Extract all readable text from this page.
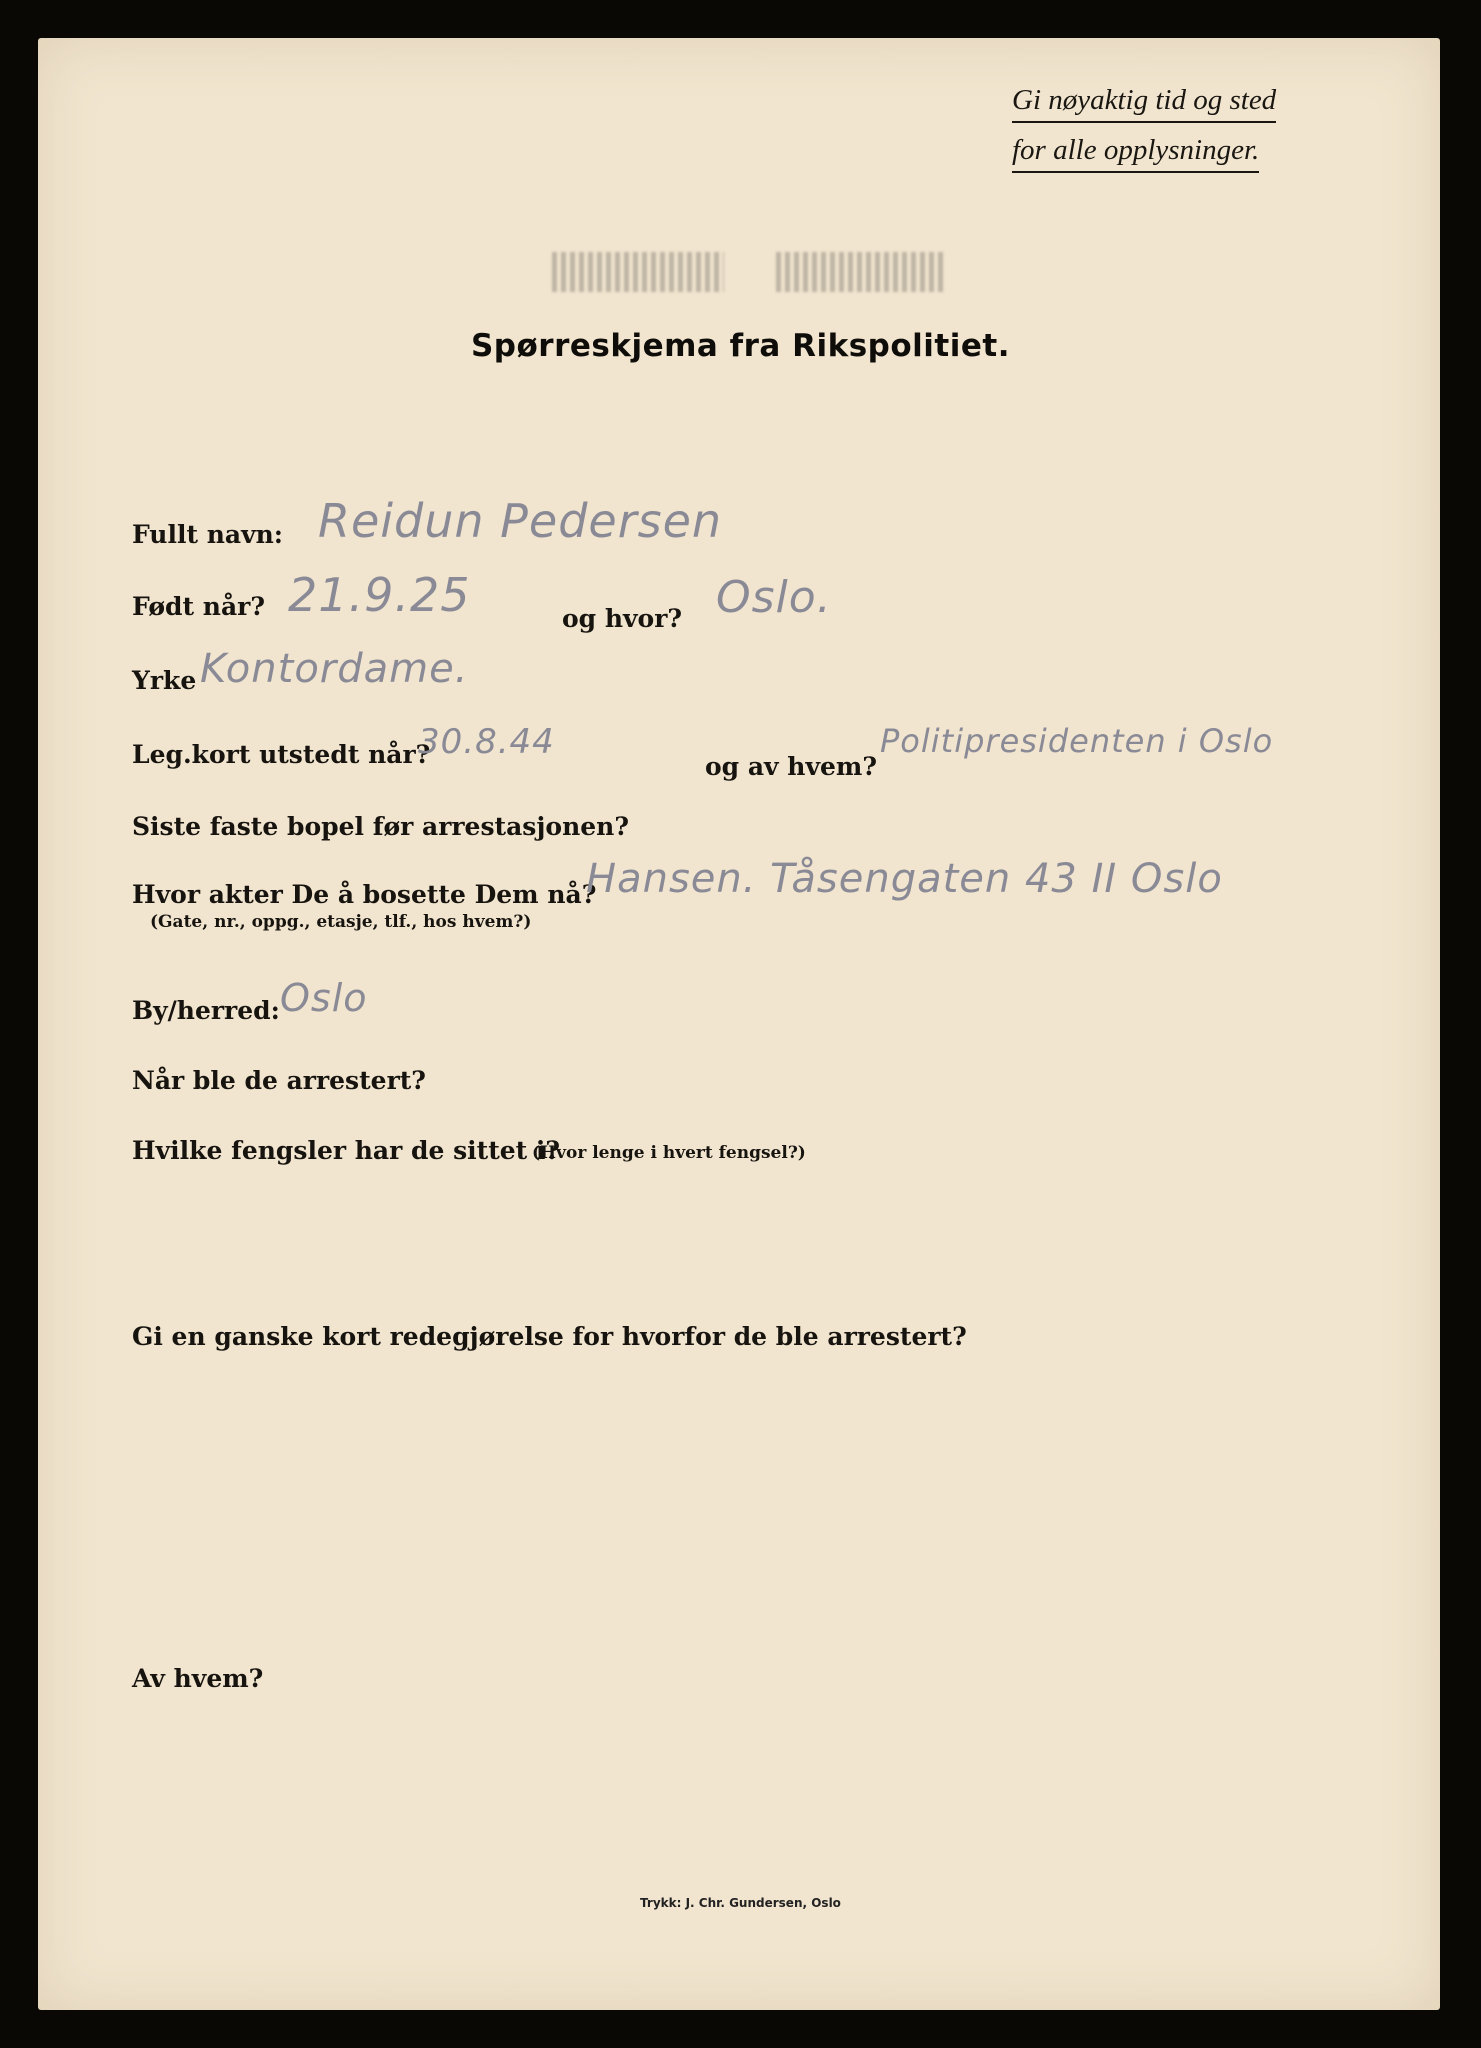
Gi nøyaktig tid og sted
for alle opplysninger.
Spørreskjema fra Rikspolitiet.
Fullt navn: Reidun Pedersen
Født når? 21.9.25	og hvor? Oslo.
Yrke Kontordame.
Leg.kort utstedt når?
30.8.44
og av hvem?
Politipresidenten i Oslo
Siste faste bopel før arrestasjonen?
Hvor akter De å bosette Dem nå?
(Gate, nr., oppg., etasje, tlf., hos hvem?)
Hansen. Tåsengaten 43 II Oslo
By/herred: Oslo
Når ble de arrestert?
Hvilke fengsler har de sittet i?
(Hvor lenge i hvert fengsel?)
Gi en ganske kort redegjørelse for hvorfor de ble arrestert?
Av hvem?
Trykk: J. Chr. Gundersen, Oslo
